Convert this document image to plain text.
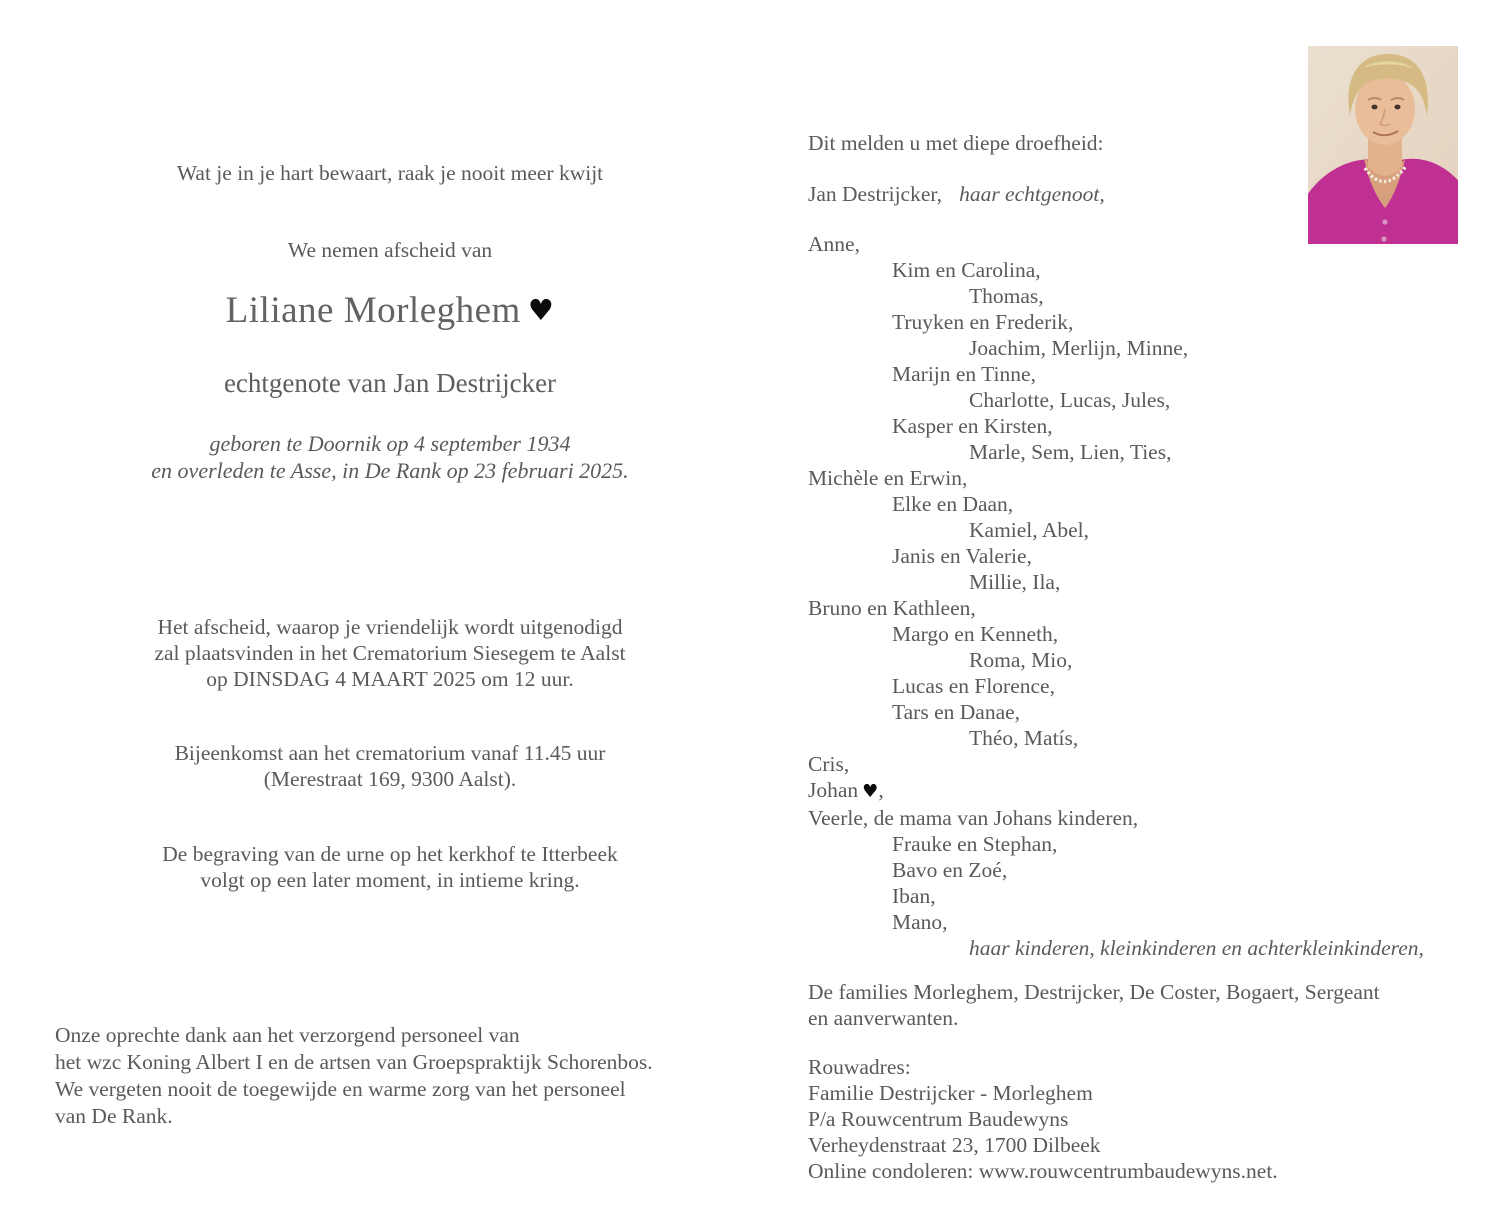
Wat je in je hart bewaart, raak je nooit meer kwijt
We nemen afscheid van
Liliane Morleghem ♥
echtgenote van Jan Destrijcker
geboren te Doornik op 4 september 1934
en overleden te Asse, in De Rank op 23 februari 2025.
Het afscheid, waarop je vriendelijk wordt uitgenodigd
zal plaatsvinden in het Crematorium Siesegem te Aalst
op DINSDAG 4 MAART 2025 om 12 uur.
Bijeenkomst aan het crematorium vanaf 11.45 uur
(Merestraat 169, 9300 Aalst).
De begraving van de urne op het kerkhof te Itterbeek
volgt op een later moment, in intieme kring.
Onze oprechte dank aan het verzorgend personeel van
het wzc Koning Albert I en de artsen van Groepspraktijk Schorenbos.
We vergeten nooit de toegewijde en warme zorg van het personeel
van De Rank.
Dit melden u met diepe droefheid:
Jan Destrijcker, haar echtgenoot,
Anne,
Kim en Carolina,
Thomas,
Truyken en Frederik,
Joachim, Merlijn, Minne,
Marijn en Tinne,
Charlotte, Lucas, Jules,
Kasper en Kirsten,
Marle, Sem, Lien, Ties,
Michèle en Erwin,
Elke en Daan,
Kamiel, Abel,
Janis en Valerie,
Millie, Ila,
Bruno en Kathleen,
Margo en Kenneth,
Roma, Mio,
Lucas en Florence,
Tars en Danae,
Théo, Matís,
Cris,
Johan ♥,
Veerle, de mama van Johans kinderen,
Frauke en Stephan,
Bavo en Zoé,
Iban,
Mano,
haar kinderen, kleinkinderen en achterkleinkinderen,
De families Morleghem, Destrijcker, De Coster, Bogaert, Sergeant
en aanverwanten.
Rouwadres:
Familie Destrijcker - Morleghem
P/a Rouwcentrum Baudewyns
Verheydenstraat 23, 1700 Dilbeek
Online condoleren: www.rouwcentrumbaudewyns.net.
